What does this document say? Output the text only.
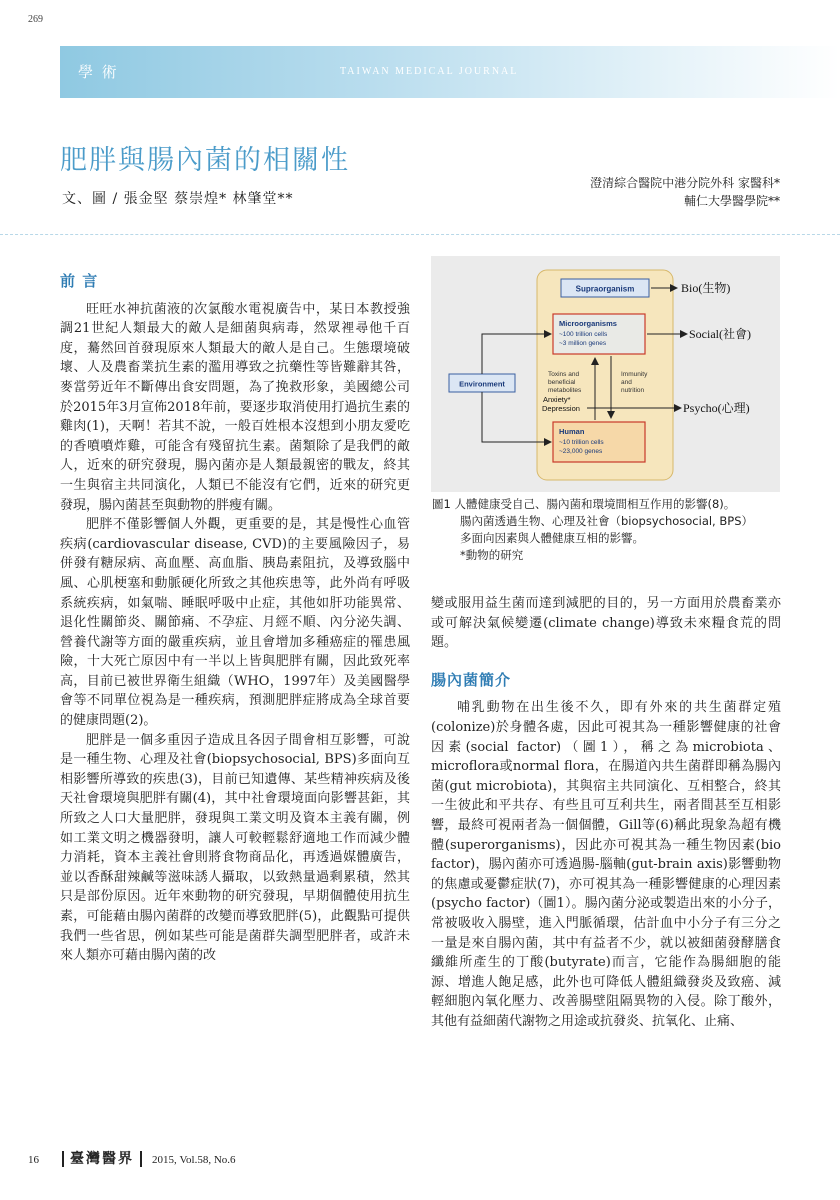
269
學 術	TAIWAN MEDICAL JOURNAL
肥胖與腸內菌的相關性
文、圖 / 張金堅 蔡崇煌* 林肇堂**
澄清綜合醫院中港分院外科 家醫科*
輔仁大學醫學院**
前 言

旺旺水神抗菌液的次氯酸水電視廣告中，某日本教授強調21世紀人類最大的敵人是細菌與病毒，然眾裡尋他千百度，驀然回首發現原來人類最大的敵人是自己。生態環境破壞、人及農畜業抗生素的濫用導致之抗藥性等皆難辭其咎，麥當勞近年不斷傳出食安問題，為了挽救形象，美國總公司於2015年3月宣佈2018年前，要逐步取消使用打過抗生素的雞肉(1)，天啊！若其不說，一般百姓根本沒想到小朋友愛吃的香噴噴炸雞，可能含有殘留抗生素。菌類除了是我們的敵人，近來的研究發現，腸內菌亦是人類最親密的戰友，終其一生與宿主共同演化，人類已不能沒有它們，近來的研究更發現，腸內菌甚至與動物的胖瘦有關。

肥胖不僅影響個人外觀，更重要的是，其是慢性心血管疾病(cardiovascular disease, CVD)的主要風險因子，易併發有糖尿病、高血壓、高血脂、胰島素阻抗，及導致腦中風、心肌梗塞和動脈硬化所致之其他疾患等，此外尚有呼吸系統疾病，如氣喘、睡眠呼吸中止症，其他如肝功能異常、退化性關節炎、關節痛、不孕症、月經不順、內分泌失調、營養代謝等方面的嚴重疾病，並且會增加多種癌症的罹患風險，十大死亡原因中有一半以上皆與肥胖有關，因此致死率高，目前已被世界衛生組織（WHO，1997年）及美國醫學會等不同單位視為是一種疾病，預測肥胖症將成為全球首要的健康問題(2)。

肥胖是一個多重因子造成且各因子間會相互影響，可說是一種生物、心理及社會(biopsychosocial, BPS)多面向互相影響所導致的疾患(3)，目前已知遺傳、某些精神疾病及後天社會環境與肥胖有關(4)，其中社會環境面向影響甚鉅，其所致之人口大量肥胖，發現與工業文明及資本主義有關，例如工業文明之機器發明，讓人可較輕鬆舒適地工作而減少體力消耗，資本主義社會則將食物商品化，再透過媒體廣告，並以香酥甜辣鹹等滋味誘人攝取，以致熱量過剩累積，然其只是部份原因。近年來動物的研究發現，早期個體使用抗生素，可能藉由腸內菌群的改變而導致肥胖(5)，此觀點可提供我們一些省思，例如某些可能是菌群失調型肥胖者，或許未來人類亦可藉由腸內菌的改

Supraorganism
Microorganisms
~100 trillion cells
~3 million genes
Toxins and
beneficial
metabolites
Anxiety*
Depression
Immunity
and
nutrition
Human
~10 trillion cells
~23,000 genes
Environment
Bio(生物)
Social(社會)
Psycho(心理)
圖1 人體健康受自己、腸內菌和環境間相互作用的影響(8)。
腸內菌透過生物、心理及社會（biopsychosocial, BPS）
多面向因素與人體健康互相的影響。
*動物的研究

變或服用益生菌而達到減肥的目的，另一方面用於農畜業亦或可解決氣候變遷(climate change)導致未來糧食荒的問題。

腸內菌簡介

哺乳動物在出生後不久，即有外來的共生菌群定殖(colonize)於身體各處，因此可視其為一種影響健康的社會因素(social factor)（圖1），稱之為microbiota、microflora或normal flora，在腸道內共生菌群即稱為腸內菌(gut microbiota)，其與宿主共同演化、互相整合，終其一生彼此和平共存、有些且可互利共生，兩者間甚至互相影響，最終可視兩者為一個個體，Gill等(6)稱此現象為超有機體(superorganisms)，因此亦可視其為一種生物因素(bio factor)，腸內菌亦可透過腸-腦軸(gut-brain axis)影響動物的焦慮或憂鬱症狀(7)，亦可視其為一種影響健康的心理因素(psycho factor)（圖1）。腸內菌分泌或製造出來的小分子，常被吸收入腸壁，進入門脈循環，估計血中小分子有三分之一量是來自腸內菌，其中有益者不少，就以被細菌發酵膳食纖維所產生的丁酸(butyrate)而言，它能作為腸細胞的能源、增進人飽足感，此外也可降低人體組織發炎及致癌、減輕細胞內氧化壓力、改善腸壁阻隔異物的入侵。除丁酸外，其他有益細菌代謝物之用途或抗發炎、抗氧化、止痛、

16 臺灣醫界 2015, Vol.58, No.6
